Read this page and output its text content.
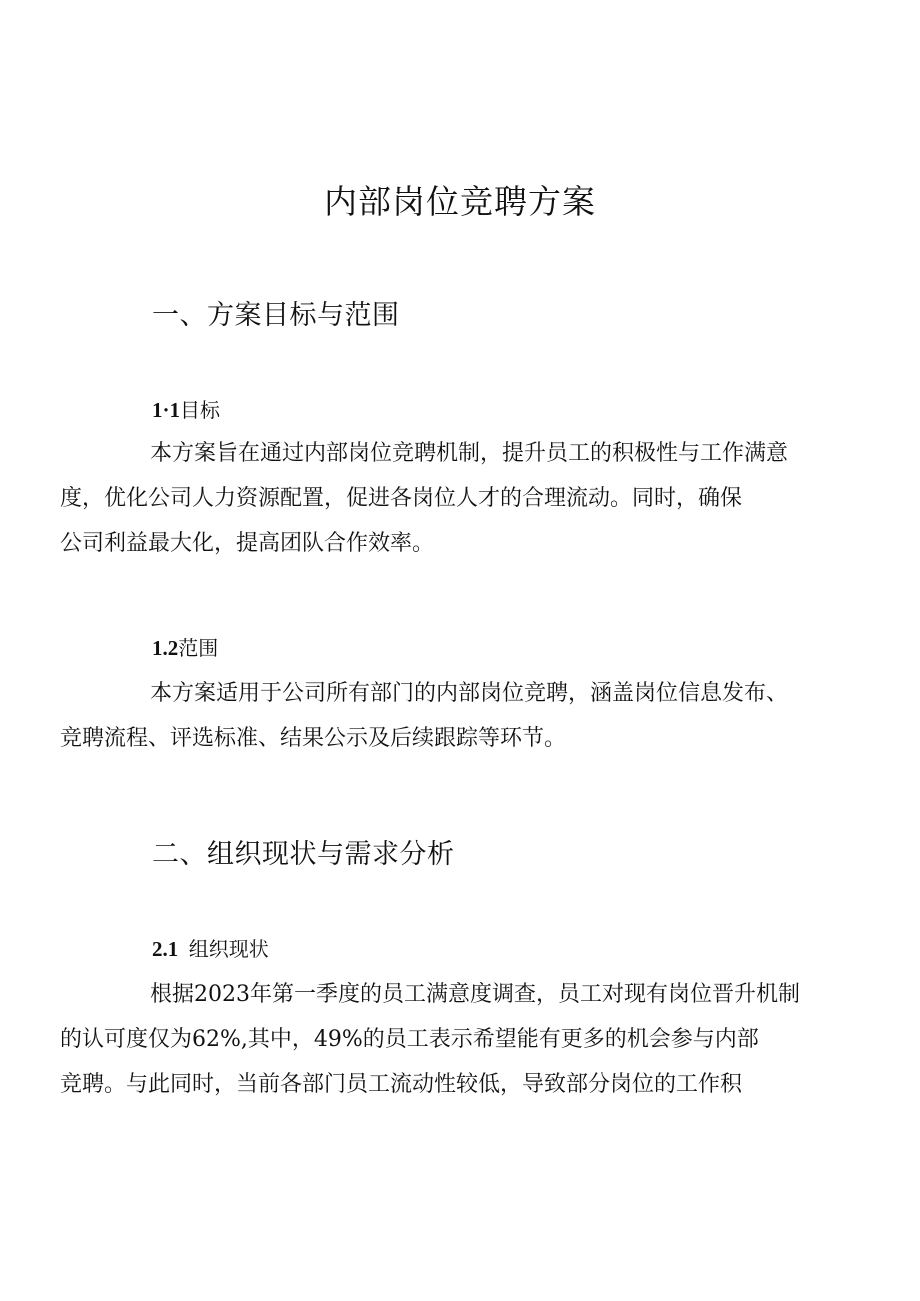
内部岗位竞聘方案
一、方案目标与范围
1·1目标

本方案旨在通过内部岗位竞聘机制，提升员工的积极性与工作满意
度，优化公司人力资源配置，促进各岗位人才的合理流动。同时，确保
公司利益最大化，提高团队合作效率。

1.2范围

本方案适用于公司所有部门的内部岗位竞聘，涵盖岗位信息发布、
竞聘流程、评选标准、结果公示及后续跟踪等环节。

二、组织现状与需求分析
2.1 组织现状

根据2023年第一季度的员工满意度调查，员工对现有岗位晋升机制
的认可度仅为62%,其中，49%的员工表示希望能有更多的机会参与内部
竞聘。与此同时，当前各部门员工流动性较低，导致部分岗位的工作积
